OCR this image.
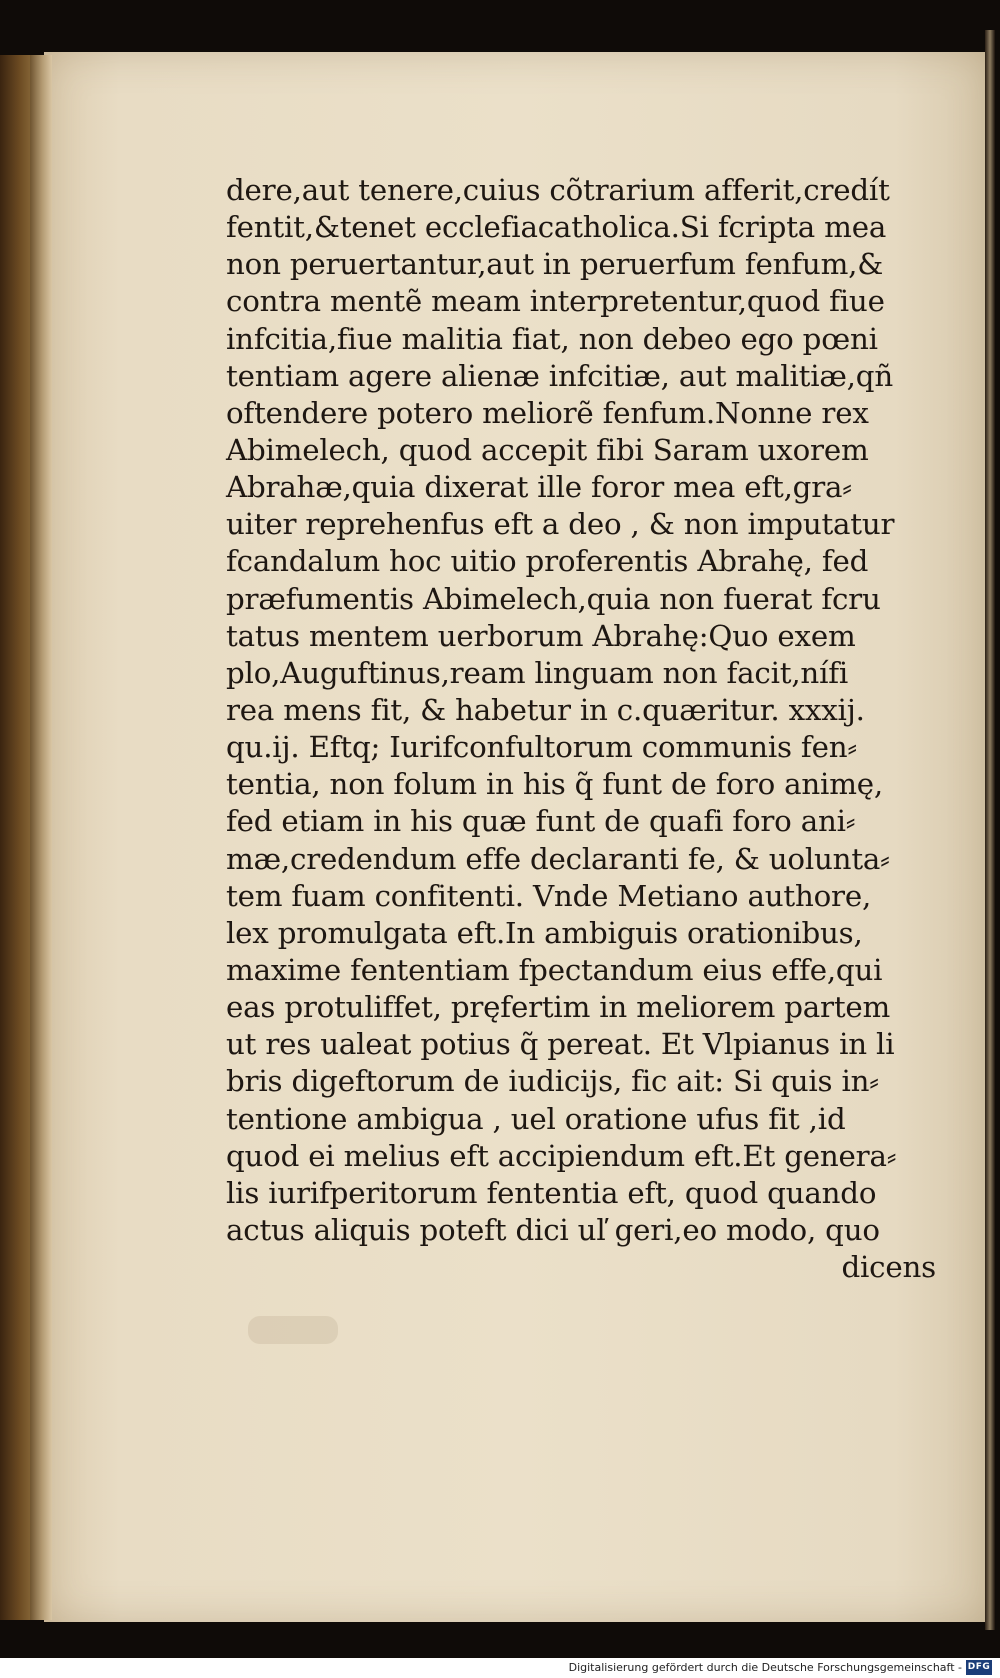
dere,aut tenere,cuius cõtrarium afferit,credít
fentit,&tenet ecclefiacatholica.Si fcripta mea
non peruertantur,aut in peruerfum fenfum,&
contra mentẽ meam interpretentur,quod fiue
infcitia,fiue malitia fiat, non debeo ego pœni
tentiam agere alienæ infcitiæ, aut malitiæ,qñ
oftendere potero meliorẽ fenfum.Nonne rex
Abimelech, quod accepit fibi Saram uxorem
Abrahæ,quia dixerat ille foror mea eft,gra⸗
uiter reprehenfus eft a deo , & non imputatur
fcandalum hoc uitio proferentis Abrahę, fed
præfumentis Abimelech,quia non fuerat fcru
tatus mentem uerborum Abrahę:Quo exem
plo,Auguftinus,ream linguam non facit,nífi
rea mens fit, & habetur in c.quæritur. xxxij.
qu.ij. Eftq; Iurifconfultorum communis fen⸗
tentia, non folum in his q̃ funt de foro animę,
fed etiam in his quæ funt de quafi foro ani⸗
mæ,credendum effe declaranti fe, & uolunta⸗
tem fuam confitenti. Vnde Metiano authore,
lex promulgata eft.In ambiguis orationibus,
maxime fententiam fpectandum eius effe,qui
eas protuliffet, pręfertim in meliorem partem
ut res ualeat potius q̃ pereat. Et Vlpianus in li
bris digeftorum de iudicijs, fic ait: Si quis in⸗
tentione ambigua , uel oratione ufus fit ,id
quod ei melius eft accipiendum eft.Et genera⸗
lis iurifperitorum fententia eft, quod quando
actus aliquis poteft dici uľ geri,eo modo, quo
dicens
Digitalisierung gefördert durch die Deutsche Forschungsgemeinschaft - DFG
